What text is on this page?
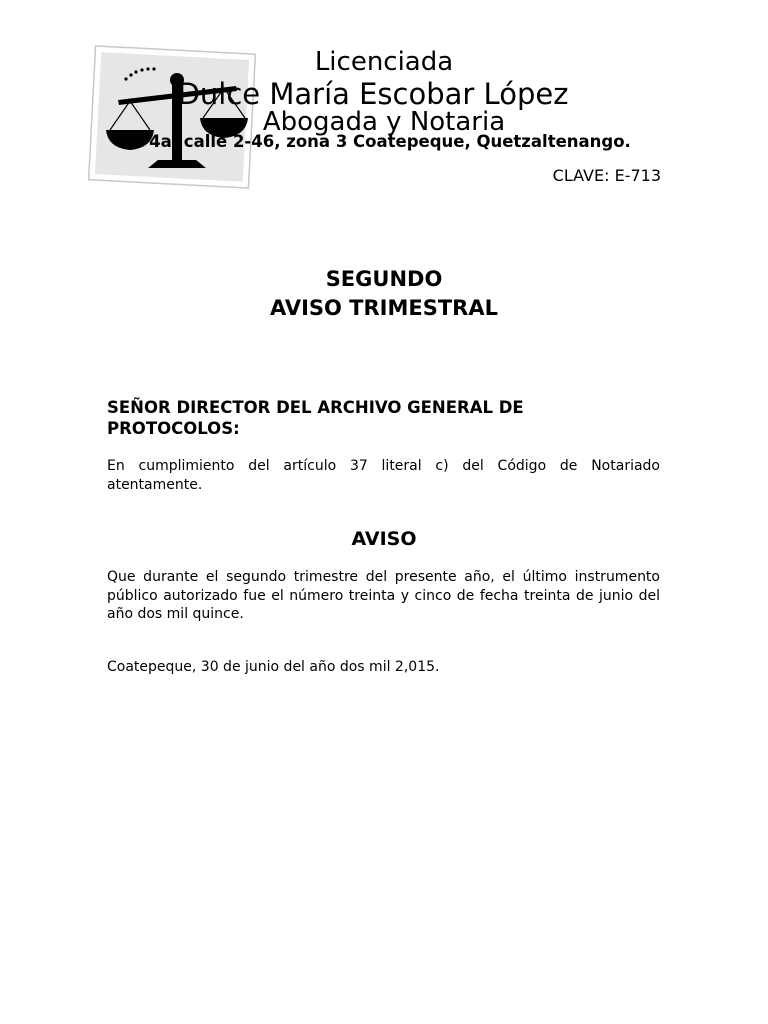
Licenciada

Dulce María Escobar López

Abogada y Notaria

4a. calle 2-46, zona 3 Coatepeque, Quetzaltenango.

CLAVE: E-713

SEGUNDO

AVISO TRIMESTRAL

SEÑOR DIRECTOR DEL ARCHIVO GENERAL DE PROTOCOLOS:

En cumplimiento del artículo 37 literal c) del Código de Notariado atentamente.

AVISO

Que durante el segundo trimestre del presente año, el último instrumento público autorizado fue el número treinta y cinco de fecha treinta de junio del año dos mil quince.

Coatepeque, 30 de junio del año dos mil 2,015.
